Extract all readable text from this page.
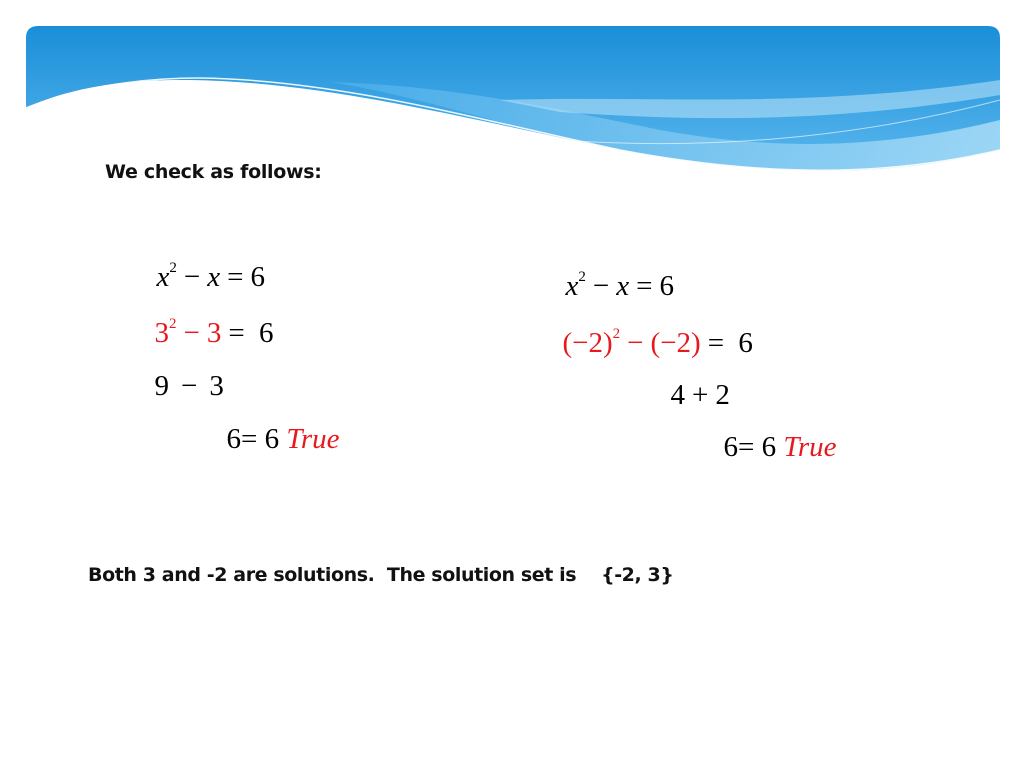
We check as follows:

$x^2 - x = 6$

$3^2 - 3 = 6$

9 − 3

6= 6 True

$x^2 - x = 6$

$(-2)^2 - (-2) = 6$

4 + 2

6= 6 True

Both 3 and -2 are solutions.  The solution set is {-2, 3}
